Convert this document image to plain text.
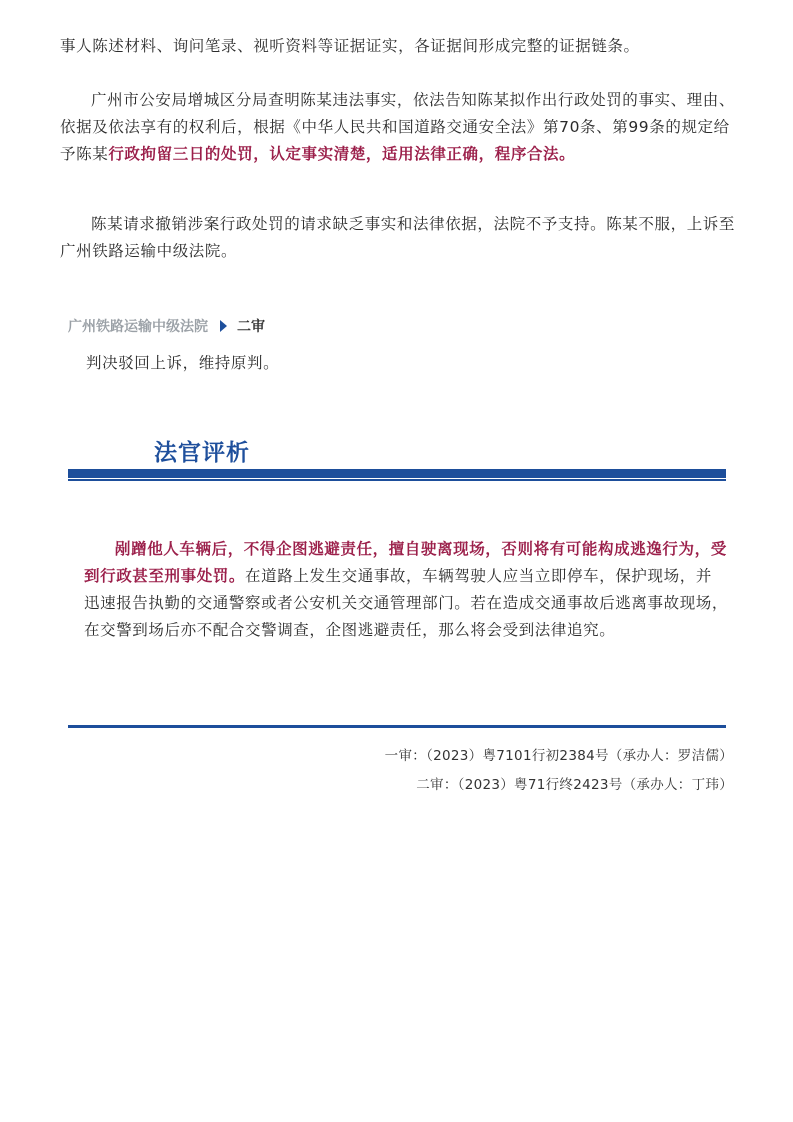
事人陈述材料、询问笔录、视听资料等证据证实，各证据间形成完整的证据链条。

广州市公安局增城区分局查明陈某违法事实，依法告知陈某拟作出行政处罚的事实、理由、依据及依法享有的权利后，根据《中华人民共和国道路交通安全法》第70条、第99条的规定给予陈某行政拘留三日的处罚，认定事实清楚，适用法律正确，程序合法。

陈某请求撤销涉案行政处罚的请求缺乏事实和法律依据，法院不予支持。陈某不服，上诉至广州铁路运输中级法院。

广州铁路运输中级法院 二审

判决驳回上诉，维持原判。

法官评析

剐蹭他人车辆后，不得企图逃避责任，擅自驶离现场，否则将有可能构成逃逸行为，受到行政甚至刑事处罚。在道路上发生交通事故，车辆驾驶人应当立即停车，保护现场，并迅速报告执勤的交通警察或者公安机关交通管理部门。若在造成交通事故后逃离事故现场，在交警到场后亦不配合交警调查，企图逃避责任，那么将会受到法律追究。

一审：（2023）粤7101行初2384号（承办人：罗洁儒）
二审：（2023）粤71行终2423号（承办人：丁玮）
